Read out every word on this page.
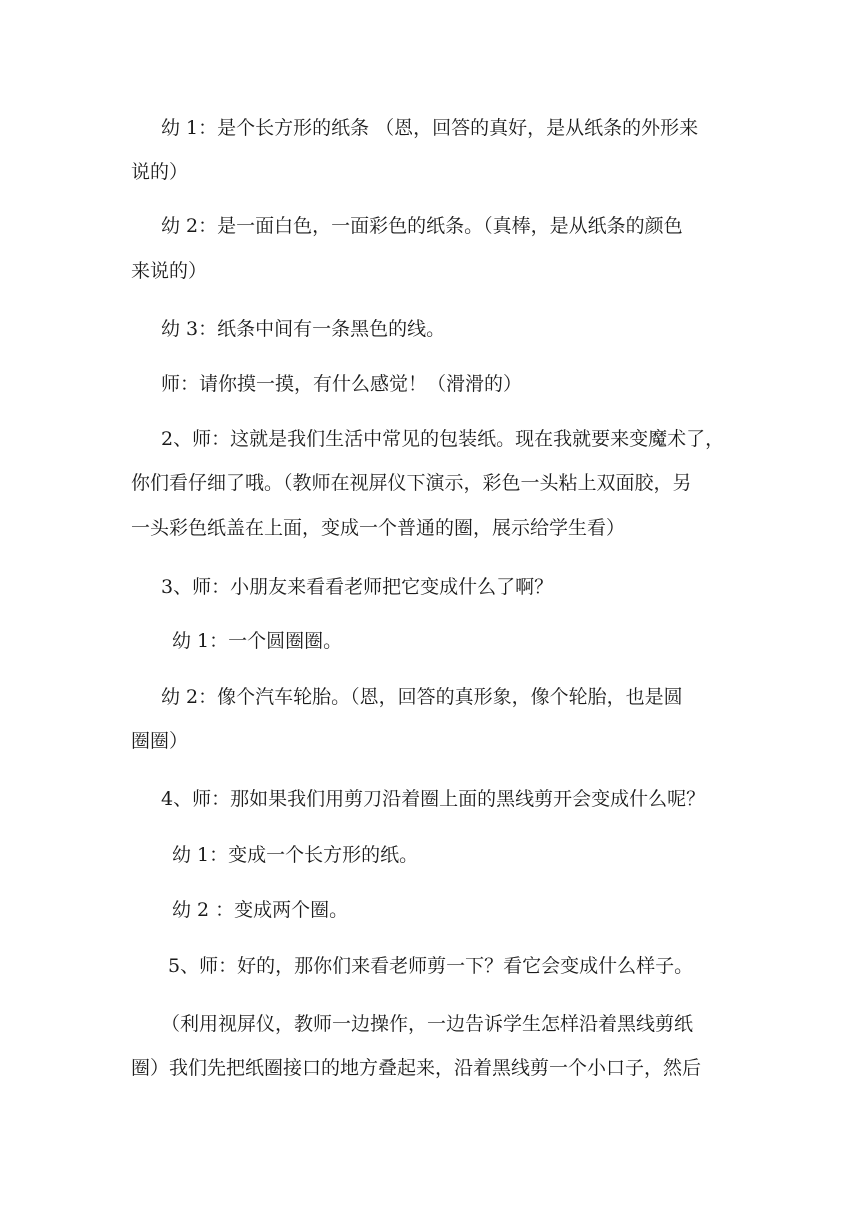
幼 1：是个长方形的纸条 （恩，回答的真好，是从纸条的外形来

说的）

幼 2：是一面白色，一面彩色的纸条。（真棒，是从纸条的颜色

来说的）

幼 3：纸条中间有一条黑色的线。

师：请你摸一摸，有什么感觉！（滑滑的）

2、师：这就是我们生活中常见的包装纸。现在我就要来变魔术了，

你们看仔细了哦。（教师在视屏仪下演示，彩色一头粘上双面胶，另

一头彩色纸盖在上面，变成一个普通的圈，展示给学生看）

3、师：小朋友来看看老师把它变成什么了啊？

幼 1：一个圆圈圈。

幼 2：像个汽车轮胎。（恩，回答的真形象，像个轮胎，也是圆

圈圈）

4、师：那如果我们用剪刀沿着圈上面的黑线剪开会变成什么呢？

幼 1：变成一个长方形的纸。

幼 2 ：变成两个圈。

5、师：好的，那你们来看老师剪一下？看它会变成什么样子。

（利用视屏仪，教师一边操作，一边告诉学生怎样沿着黑线剪纸

圈）我们先把纸圈接口的地方叠起来，沿着黑线剪一个小口子，然后
